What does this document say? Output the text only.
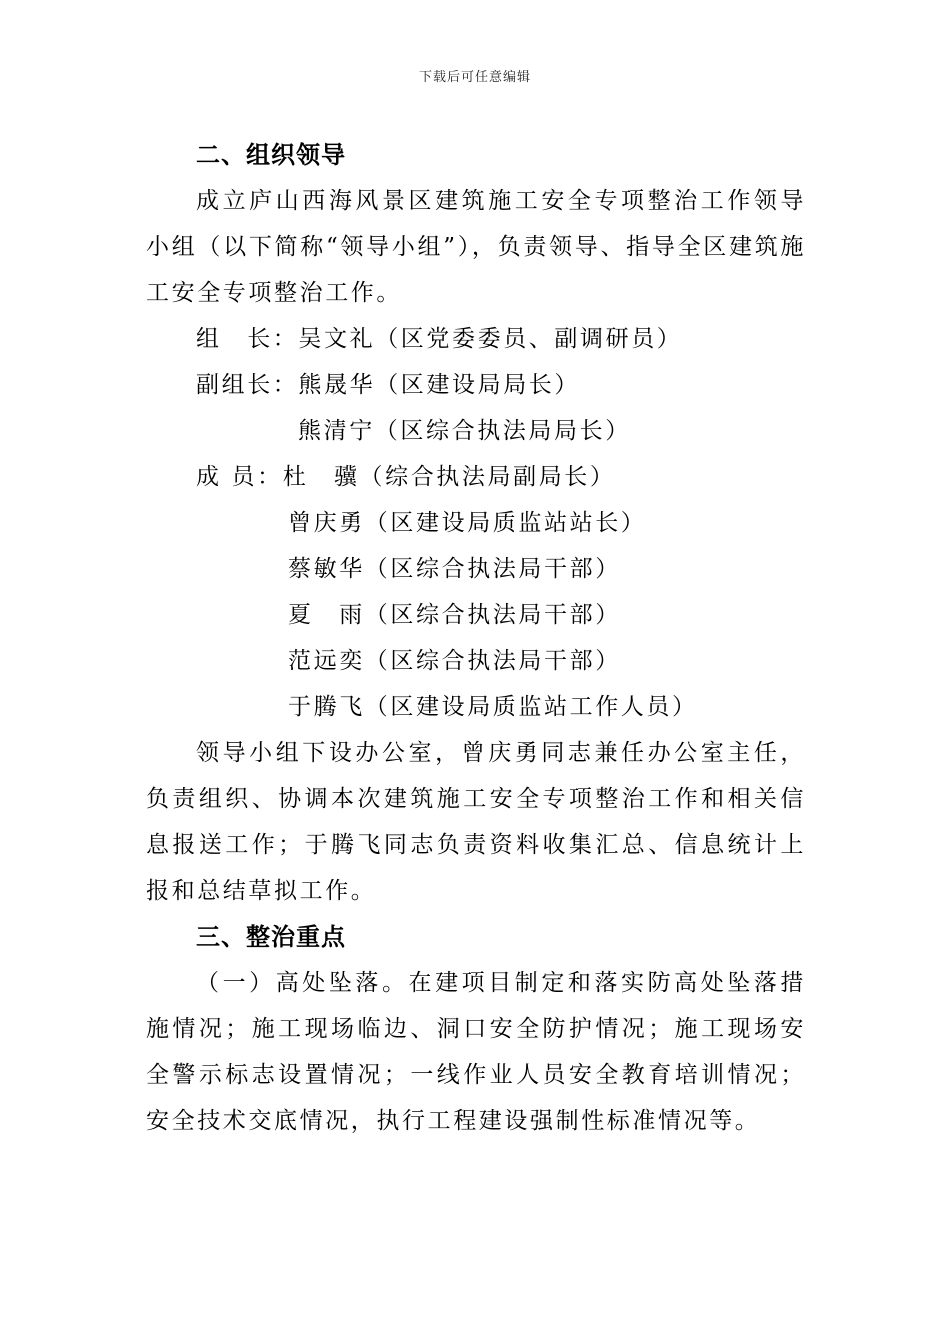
下载后可任意编辑
二、组织领导

成立庐山西海风景区建筑施工安全专项整治工作领导小组（以下简称“领导小组”），负责领导、指导全区建筑施工安全专项整治工作。

组　长：吴文礼（区党委委员、副调研员）
副组长：熊晟华（区建设局局长）
熊清宁（区综合执法局局长）
成 员：杜　骥（综合执法局副局长）
曾庆勇（区建设局质监站站长）
蔡敏华（区综合执法局干部）
夏　雨（区综合执法局干部）
范远奕（区综合执法局干部）
于腾飞（区建设局质监站工作人员）

领导小组下设办公室，曾庆勇同志兼任办公室主任，负责组织、协调本次建筑施工安全专项整治工作和相关信息报送工作；于腾飞同志负责资料收集汇总、信息统计上报和总结草拟工作。

三、整治重点

（一）高处坠落。在建项目制定和落实防高处坠落措施情况；施工现场临边、洞口安全防护情况；施工现场安全警示标志设置情况；一线作业人员安全教育培训情况；安全技术交底情况，执行工程建设强制性标准情况等。
